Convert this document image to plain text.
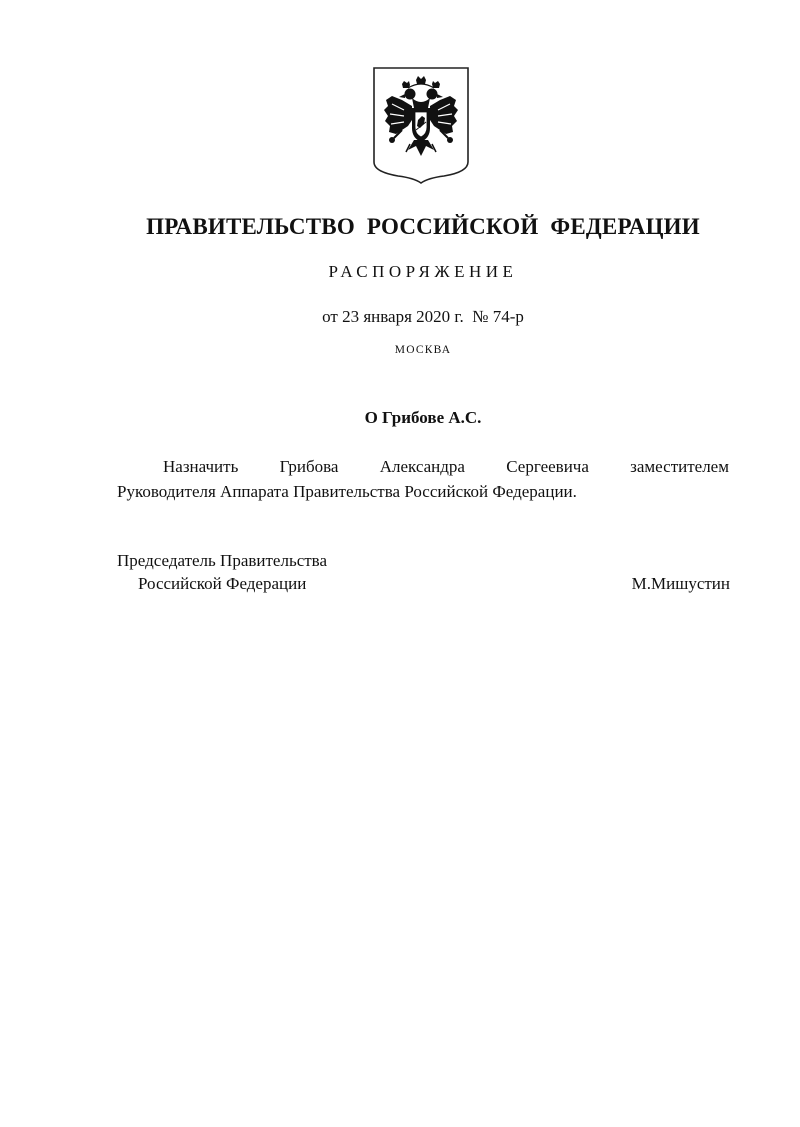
ПРАВИТЕЛЬСТВО РОССИЙСКОЙ ФЕДЕРАЦИИ
РАСПОРЯЖЕНИЕ
от 23 января 2020 г.  № 74-р
МОСКВА
О Грибове А.С.
Назначить Грибова Александра Сергеевича заместителем
Руководителя Аппарата Правительства Российской Федерации.
Председатель Правительства
Российской Федерации	М.Мишустин
